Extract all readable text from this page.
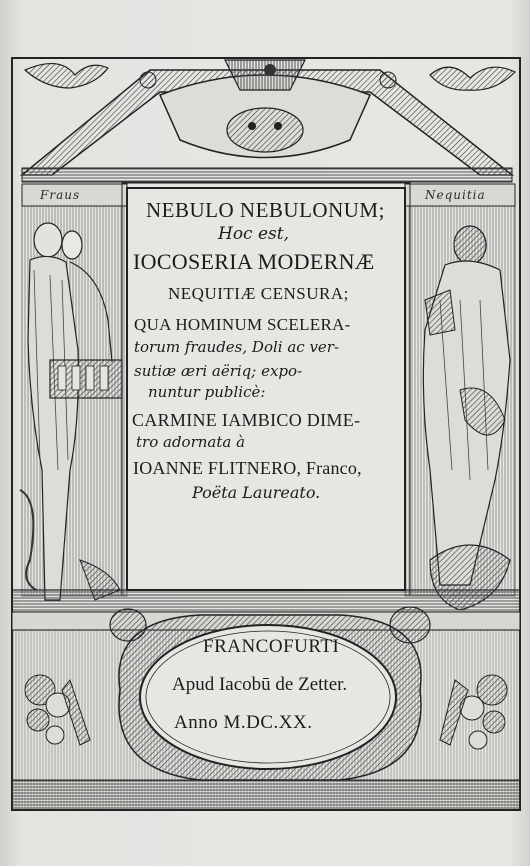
Fraus	Nequitia
NEBULO NEBULONUM;
Hoc est,
IOCOSERIA MODERNÆ
NEQUITIÆ CENSURA;
QUA HOMINUM SCELERA-
torum fraudes, Doli ac ver-
sutiæ æri aëriq; expo-
nuntur publicè:
CARMINE IAMBICO DIME-
tro adornata à
IOANNE FLITNERO, Franco,
Poëta Laureato.
FRANCOFURTI
Apud Iacobū de Zetter.
Anno M.DC.XX.
